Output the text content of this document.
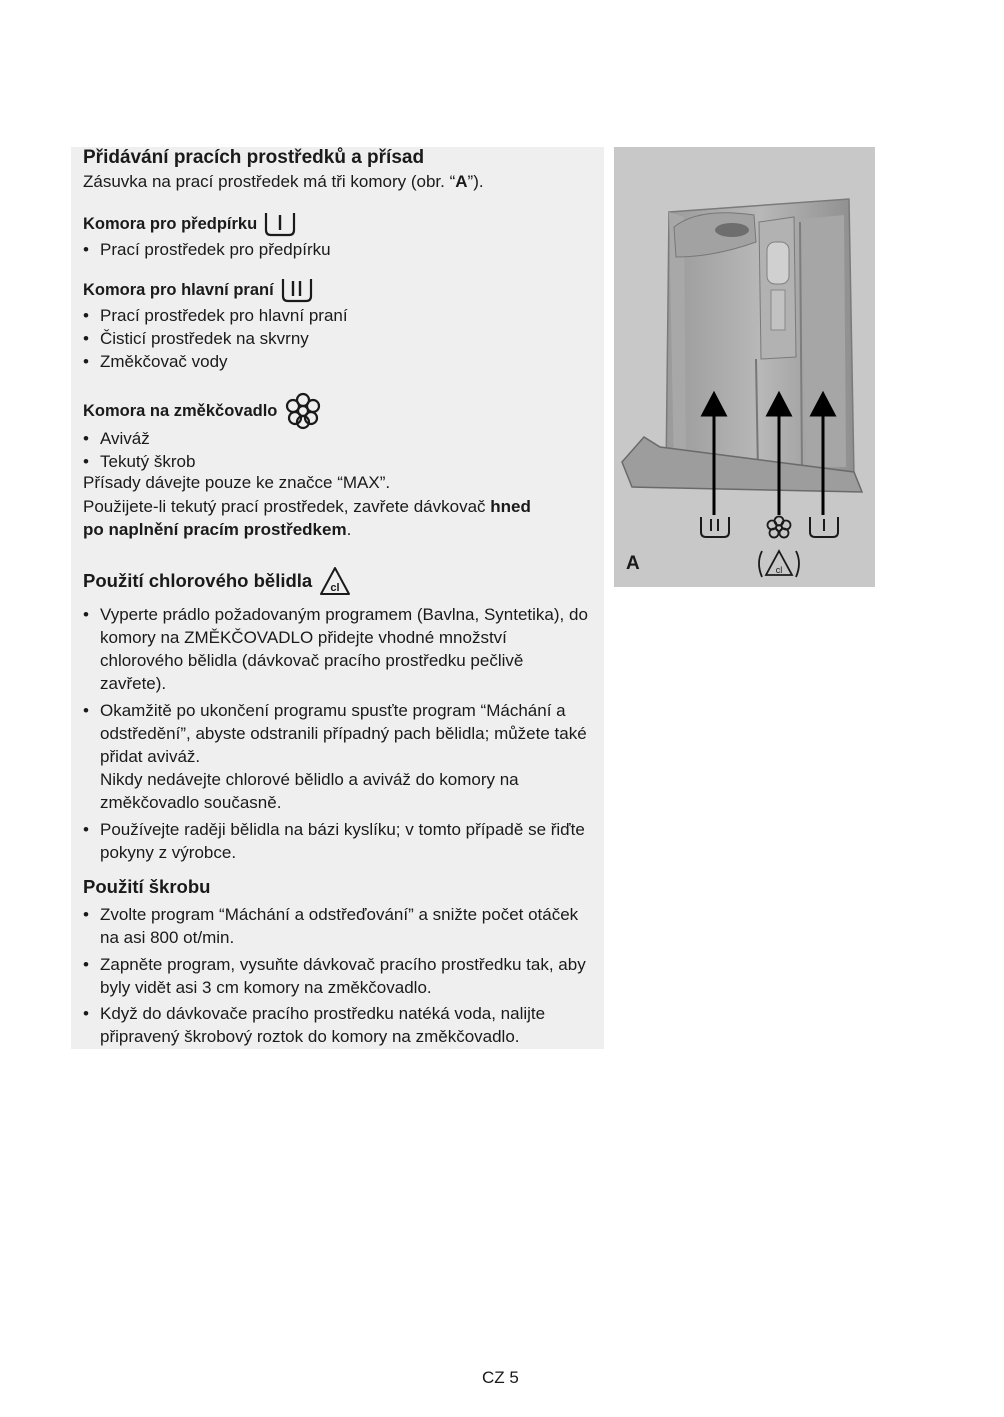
Přidávání pracích prostředků a přísad
Zásuvka na prací prostředek má tři komory (obr. “A”).
Komora pro předpírku
• Prací prostředek pro předpírku
Komora pro hlavní praní
• Prací prostředek pro hlavní praní
• Čisticí prostředek na skvrny
• Změkčovač vody
Komora na změkčovadlo
• Aviváž
• Tekutý škrob
Přísady dávejte pouze ke značce “MAX”.
Použijete-li tekutý prací prostředek, zavřete dávkovač hned
po naplnění pracím prostředkem.
Použití chlorového bělidla cl
• Vyperte prádlo požadovaným programem (Bavlna, Syntetika), do komory na ZMĚKČOVADLO přidejte vhodné množství chlorového bělidla (dávkovač pracího prostředku pečlivě zavřete).
• Okamžitě po ukončení programu spusťte program “Máchání a odstředění”, abyste odstranili případný pach bělidla; můžete také přidat aviváž.
Nikdy nedávejte chlorové bělidlo a aviváž do komory na změkčovadlo současně.
• Používejte raději bělidla na bázi kyslíku; v tomto případě se řiďte pokyny z výrobce.
Použití škrobu
• Zvolte program “Máchání a odstřeďování” a snižte počet otáček na asi 800 ot/min.
• Zapněte program, vysuňte dávkovač pracího prostředku tak, aby byly vidět asi 3 cm komory na změkčovadlo.
• Když do dávkovače pracího prostředku natéká voda, nalijte připravený škrobový roztok do komory na změkčovadlo.
cl
A
CZ 5
